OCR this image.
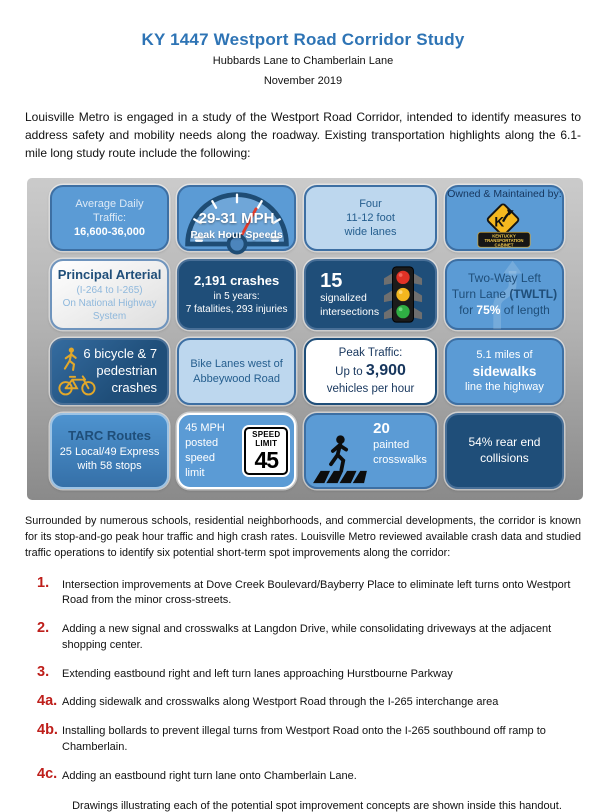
KY 1447 Westport Road Corridor Study
Hubbards Lane to Chamberlain Lane
November 2019

Louisville Metro is engaged in a study of the Westport Road Corridor, intended to identify measures to address safety and mobility needs along the roadway. Existing transportation highlights along the 6.1-mile long study route include the following:

Average Daily
Traffic:
16,600-36,000
29-31 MPH
Peak Hour Speeds
Four
11-12 foot
wide lanes
Owned & Maintained by:
K
KENTUCKY
TRANSPORTATION
CABINET
Principal Arterial
(I-264 to I-265)
On National Highway
System
2,191 crashes
in 5 years:
7 fatalities, 293 injuries
15
signalized
intersections
Two-Way Left
Turn Lane (TWLTL)
for 75% of length
6 bicycle & 7
pedestrian
crashes
Bike Lanes west of
Abbeywood Road
Peak Traffic:
Up to 3,900
vehicles per hour
5.1 miles of
sidewalks
line the highway
TARC Routes
25 Local/49 Express
with 58 stops
45 MPH
posted
speed limit
SPEED
LIMIT
45
20 painted
crosswalks
54% rear end
collisions

Surrounded by numerous schools, residential neighborhoods, and commercial developments, the corridor is known for its stop-and-go peak hour traffic and high crash rates. Louisville Metro reviewed available crash data and studied traffic operations to identify six potential short-term spot improvements along the corridor:

1.	Intersection improvements at Dove Creek Boulevard/Bayberry Place to eliminate left turns onto Westport Road from the minor cross-streets.
2.	Adding a new signal and crosswalks at Langdon Drive, while consolidating driveways at the adjacent shopping center.
3.	Extending eastbound right and left turn lanes approaching Hurstbourne Parkway
4a. Adding sidewalk and crosswalks along Westport Road through the I-265 interchange area
4b. Installing bollards to prevent illegal turns from Westport Road onto the I-265 southbound off ramp to Chamberlain.
4c. Adding an eastbound right turn lane onto Chamberlain Lane.
Drawings illustrating each of the potential spot improvement concepts are shown inside this handout.
